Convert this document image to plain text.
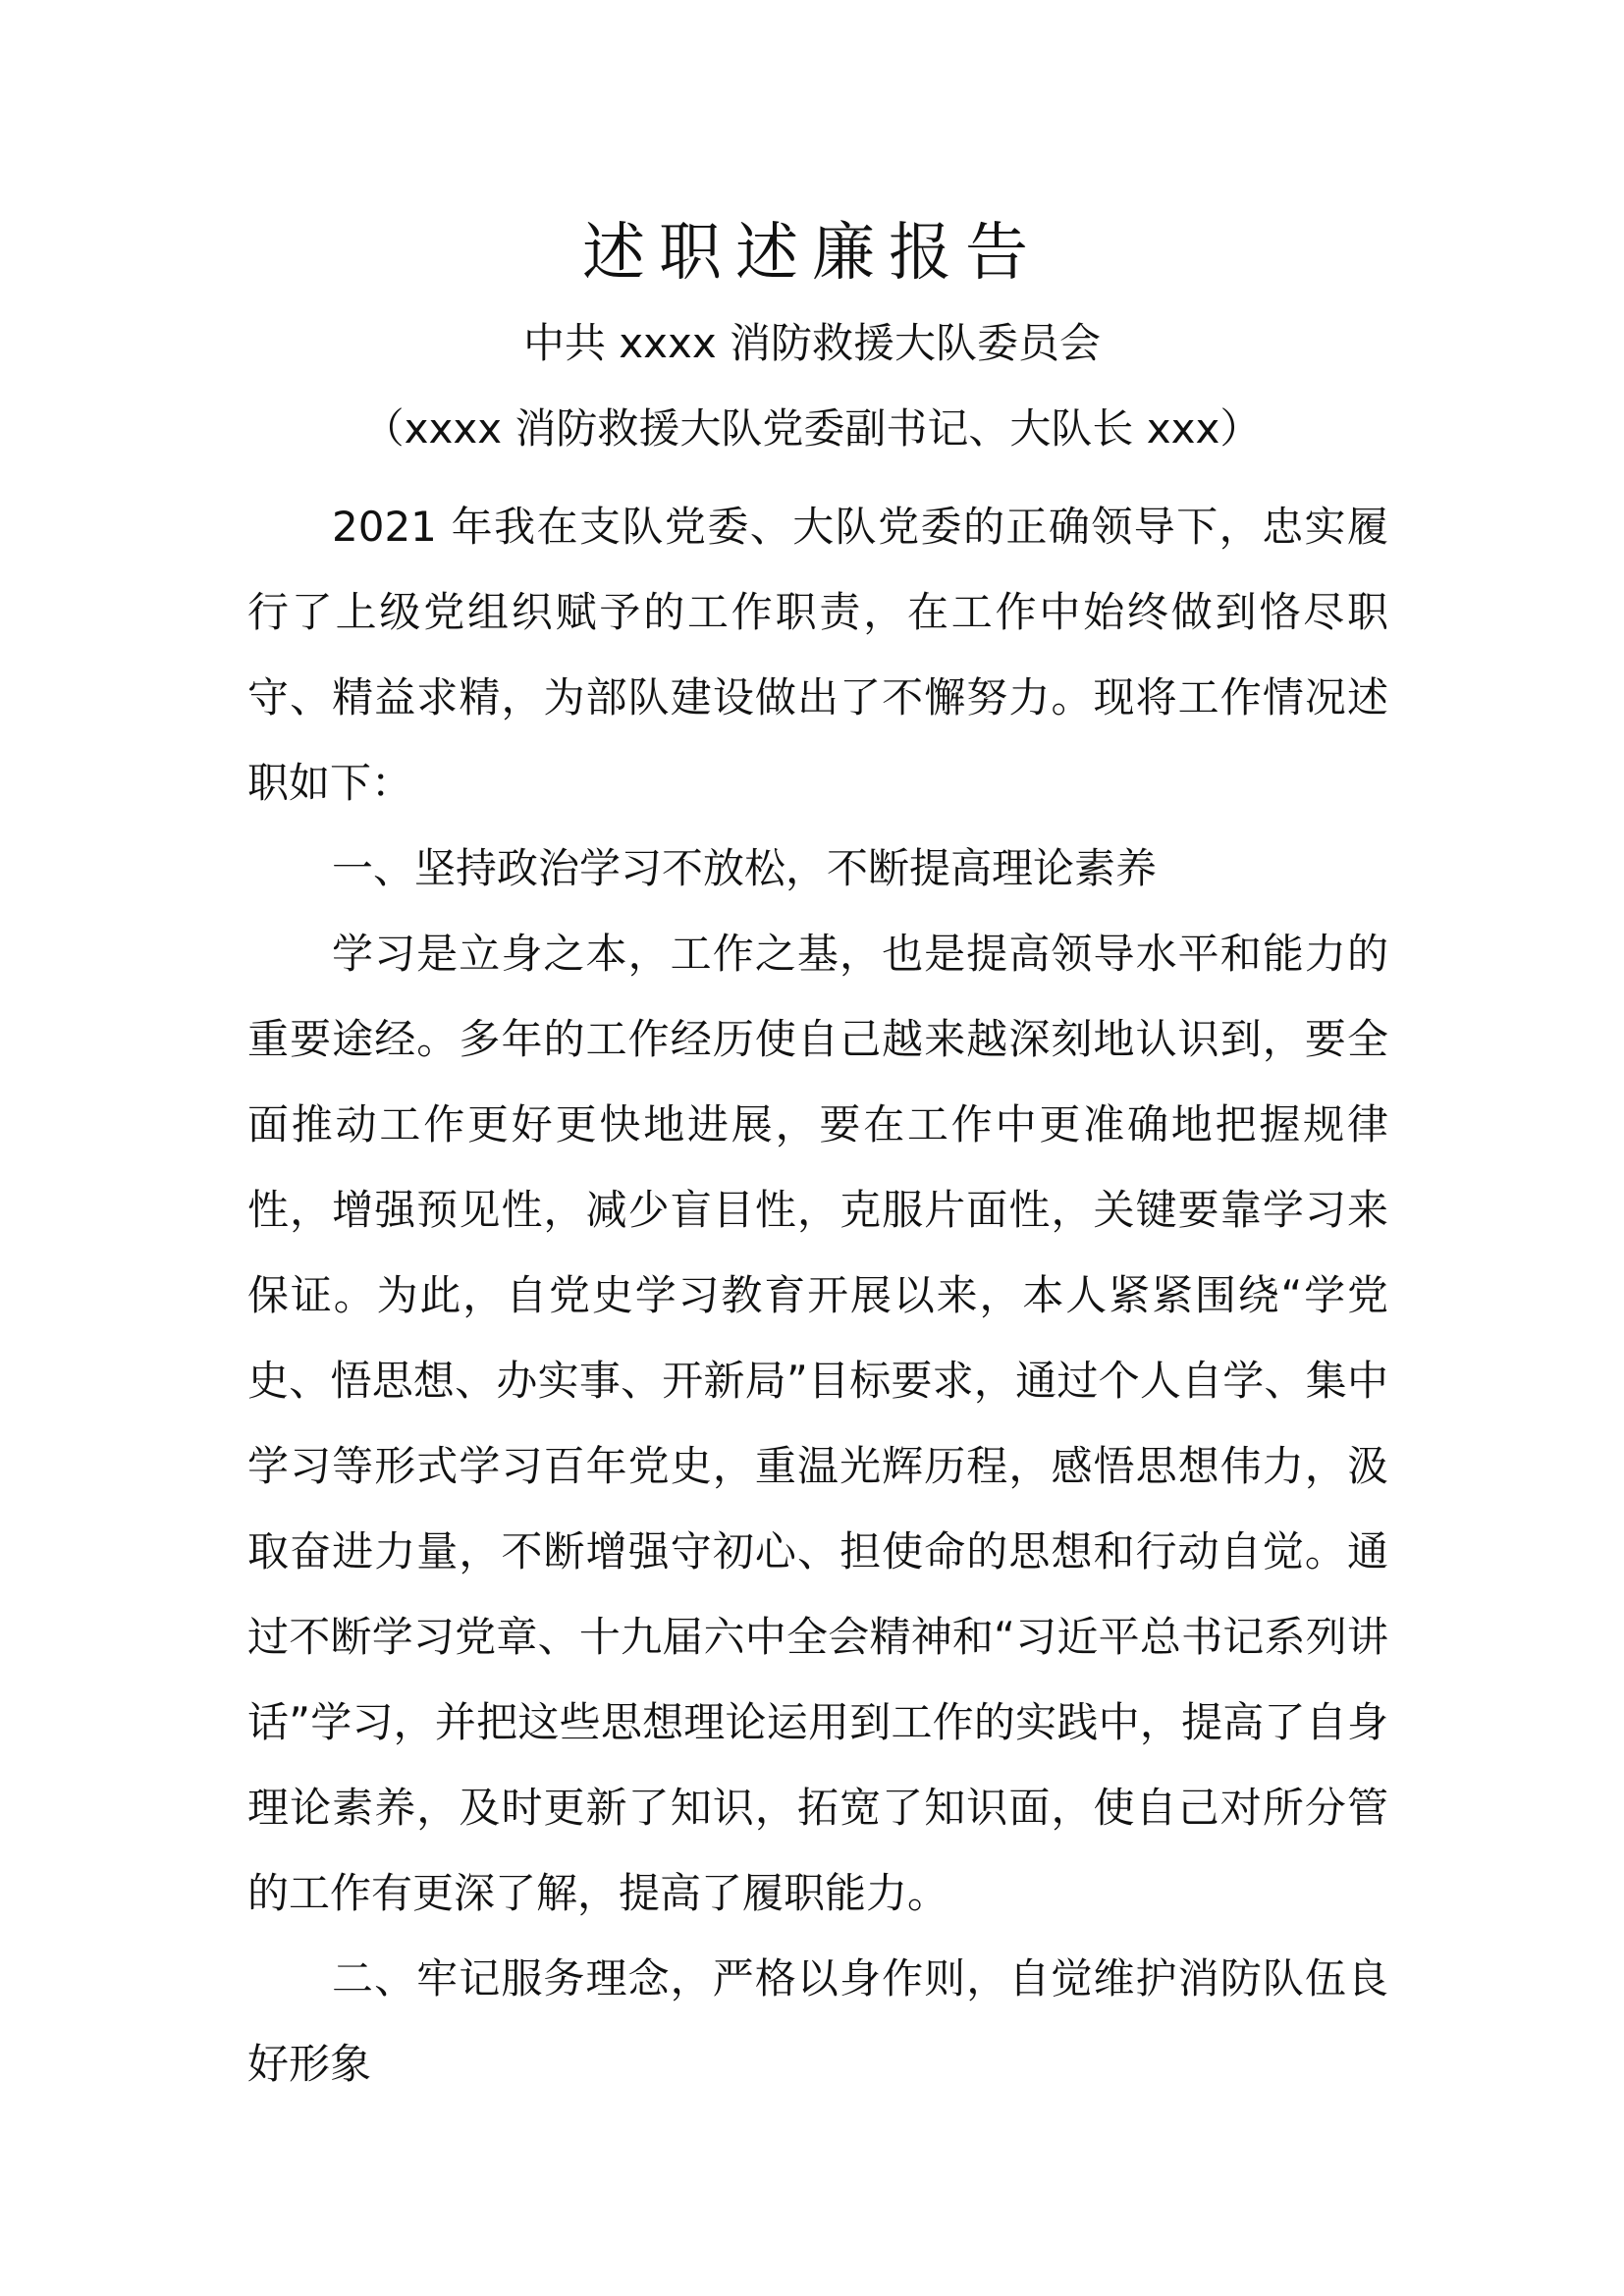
述职述廉报告
中共 xxxx 消防救援大队委员会
（xxxx 消防救援大队党委副书记、大队长 xxx）

2021 年我在支队党委、大队党委的正确领导下，忠实履行了上级党组织赋予的工作职责，在工作中始终做到恪尽职守、精益求精，为部队建设做出了不懈努力。现将工作情况述职如下：

一、坚持政治学习不放松，不断提高理论素养

学习是立身之本，工作之基，也是提高领导水平和能力的重要途经。多年的工作经历使自己越来越深刻地认识到，要全面推动工作更好更快地进展，要在工作中更准确地把握规律性，增强预见性，减少盲目性，克服片面性，关键要靠学习来保证。为此，自党史学习教育开展以来，本人紧紧围绕“学党史、悟思想、办实事、开新局”目标要求，通过个人自学、集中学习等形式学习百年党史，重温光辉历程，感悟思想伟力，汲取奋进力量，不断增强守初心、担使命的思想和行动自觉。通过不断学习党章、十九届六中全会精神和“习近平总书记系列讲话”学习，并把这些思想理论运用到工作的实践中，提高了自身理论素养，及时更新了知识，拓宽了知识面，使自己对所分管的工作有更深了解，提高了履职能力。

二、牢记服务理念，严格以身作则，自觉维护消防队伍良好形象
